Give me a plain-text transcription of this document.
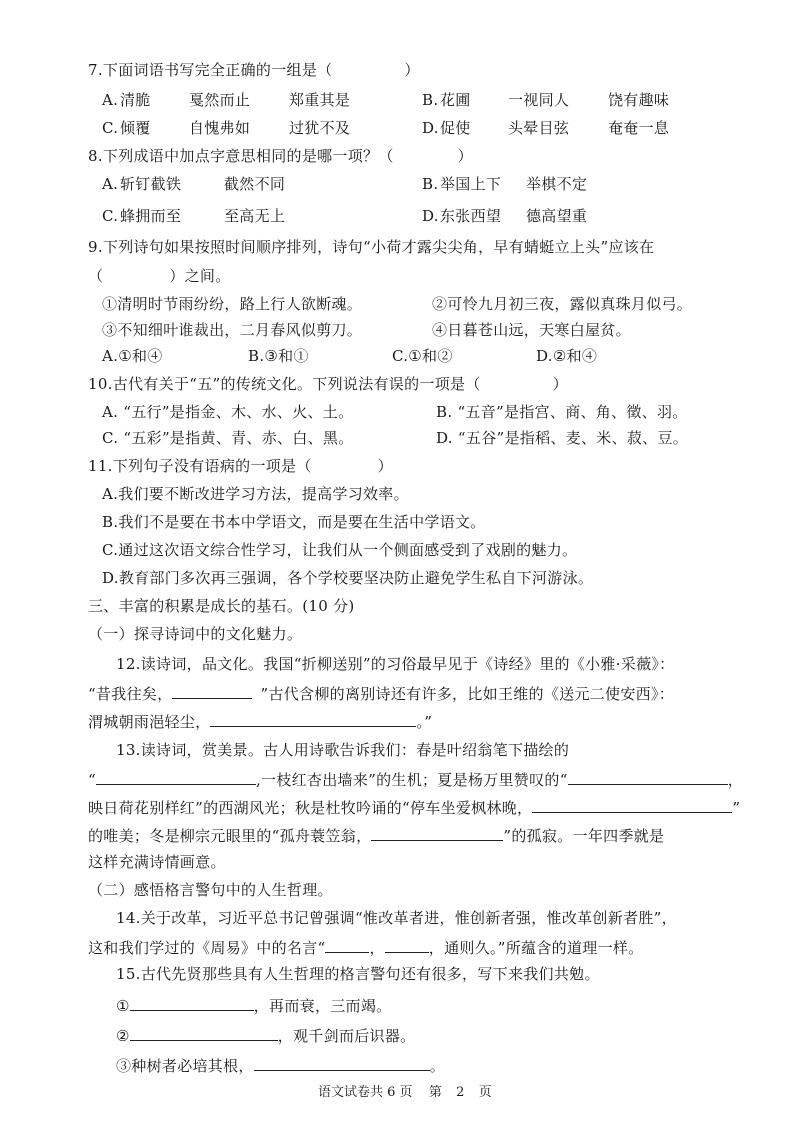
7.下面词语书写完全正确的一组是（	）
A. 清脆	戛然而止	郑重其是	B. 花圃 一视同人	饶有趣味
C. 倾覆	自愧弗如	过犹不及	D. 促使 头晕目弦	奄奄一息
8.下列成语中加点字意思相同的是哪一项？（	）
A. 斩钉截铁	截然不同	B. 举国上下 举棋不定
C. 蜂拥而至	至高无上	D. 东张西望 德高望重
9.下列诗句如果按照时间顺序排列，诗句“小荷才露尖尖角，早有蜻蜓立上头”应该在
（	）之间。
①清明时节雨纷纷，路上行人欲断魂。	②可怜九月初三夜，露似真珠月似弓。
③不知细叶谁裁出，二月春风似剪刀。	④日暮苍山远，天寒白屋贫。
A.①和④	B.③和①	C.①和②	D.②和④
10.古代有关于“五”的传统文化。下列说法有误的一项是（	）
A. “五行”是指金、木、水、火、土。	B. “五音”是指宫、商、角、徵、羽。
C. “五彩”是指黄、青、赤、白、黑。	D. “五谷”是指稻、麦、米、菽、豆。
11.下列句子没有语病的一项是（	）
A.我们要不断改进学习方法，提高学习效率。
B.我们不是要在书本中学语文，而是要在生活中学语文。
C.通过这次语文综合性学习，让我们从一个侧面感受到了戏剧的魅力。
D.教育部门多次再三强调，各个学校要坚决防止避免学生私自下河游泳。
三、丰富的积累是成长的基石。(10 分)
（一）探寻诗词中的文化魅力。
12.读诗词，品文化。我国“折柳送别”的习俗最早见于《诗经》里的《小雅·采薇》：
“昔我往矣，	”古代含柳的离别诗还有许多，比如王维的《送元二使安西》：
渭城朝雨浥轻尘，	。”
13.读诗词，赏美景。古人用诗歌告诉我们：春是叶绍翁笔下描绘的
“	,一枝红杏出墙来”的生机；夏是杨万里赞叹的“	，
映日荷花别样红”的西湖风光；秋是杜牧吟诵的“停车坐爱枫林晚，	”
的唯美；冬是柳宗元眼里的“孤舟蓑笠翁，	”的孤寂。一年四季就是
这样充满诗情画意。
（二）感悟格言警句中的人生哲理。
14.关于改革，习近平总书记曾强调“惟改革者进，惟创新者强，惟改革创新者胜”，
这和我们学过的《周易》中的名言“	，	，通则久。”所蕴含的道理一样。
15.古代先贤那些具有人生哲理的格言警句还有很多，写下来我们共勉。
①	，再而衰，三而竭。
②	，观千剑而后识器。
③种树者必培其根，	。
语文试卷共 6 页 第 2 页
